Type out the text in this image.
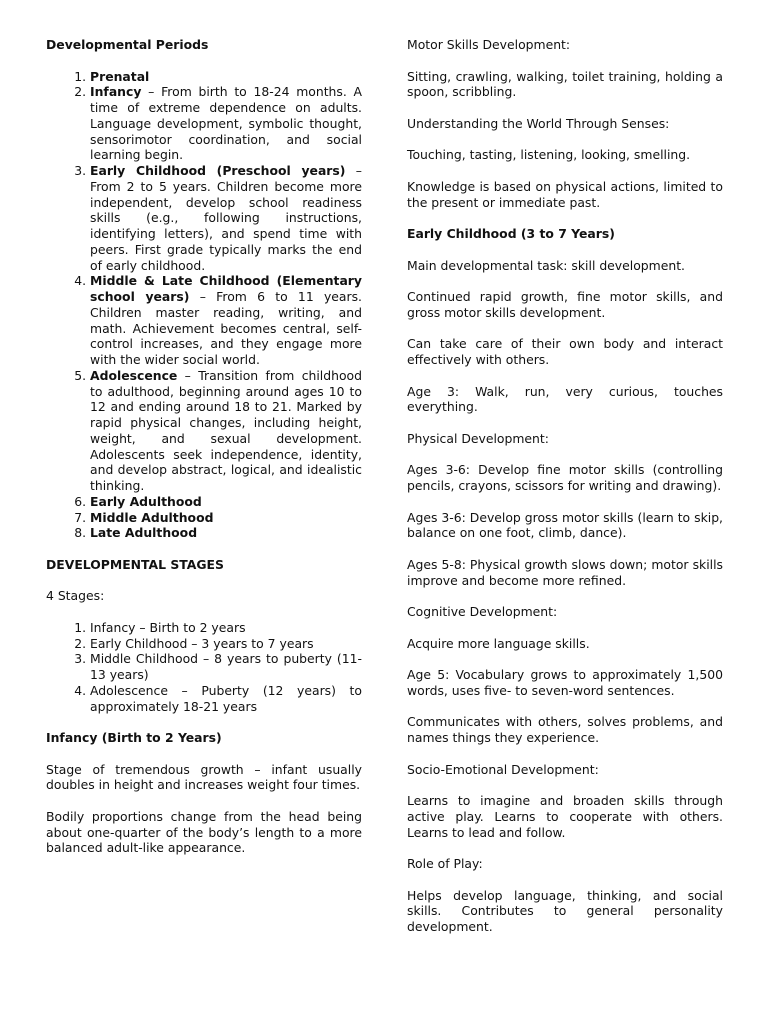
Developmental Periods
1. Prenatal
2. Infancy – From birth to 18-24 months. A time of extreme dependence on adults. Language development, symbolic thought, sensorimotor coordination, and social learning begin.
3. Early Childhood (Preschool years) – From 2 to 5 years. Children become more independent, develop school readiness skills (e.g., following instructions, identifying letters), and spend time with peers. First grade typically marks the end of early childhood.
4. Middle & Late Childhood (Elementary school years) – From 6 to 11 years. Children master reading, writing, and math. Achievement becomes central, self-control increases, and they engage more with the wider social world.
5. Adolescence – Transition from childhood to adulthood, beginning around ages 10 to 12 and ending around 18 to 21. Marked by rapid physical changes, including height, weight, and sexual development. Adolescents seek independence, identity, and develop abstract, logical, and idealistic thinking.
6. Early Adulthood
7. Middle Adulthood
8. Late Adulthood
DEVELOPMENTAL STAGES

4 Stages:

1. Infancy – Birth to 2 years
2. Early Childhood – 3 years to 7 years
3. Middle Childhood – 8 years to puberty (11-13 years)
4. Adolescence – Puberty (12 years) to approximately 18-21 years
Infancy (Birth to 2 Years)

Stage of tremendous growth – infant usually doubles in height and increases weight four times.

Bodily proportions change from the head being about one-quarter of the body’s length to a more balanced adult-like appearance.

Motor Skills Development:

Sitting, crawling, walking, toilet training, holding a spoon, scribbling.

Understanding the World Through Senses:

Touching, tasting, listening, looking, smelling.

Knowledge is based on physical actions, limited to the present or immediate past.

Early Childhood (3 to 7 Years)

Main developmental task: skill development.

Continued rapid growth, fine motor skills, and gross motor skills development.

Can take care of their own body and interact effectively with others.

Age 3: Walk, run, very curious, touches everything.

Physical Development:

Ages 3-6: Develop fine motor skills (controlling pencils, crayons, scissors for writing and drawing).

Ages 3-6: Develop gross motor skills (learn to skip, balance on one foot, climb, dance).

Ages 5-8: Physical growth slows down; motor skills improve and become more refined.

Cognitive Development:

Acquire more language skills.

Age 5: Vocabulary grows to approximately 1,500 words, uses five- to seven-word sentences.

Communicates with others, solves problems, and names things they experience.

Socio-Emotional Development:

Learns to imagine and broaden skills through active play. Learns to cooperate with others. Learns to lead and follow.

Role of Play:

Helps develop language, thinking, and social skills. Contributes to general personality development.
